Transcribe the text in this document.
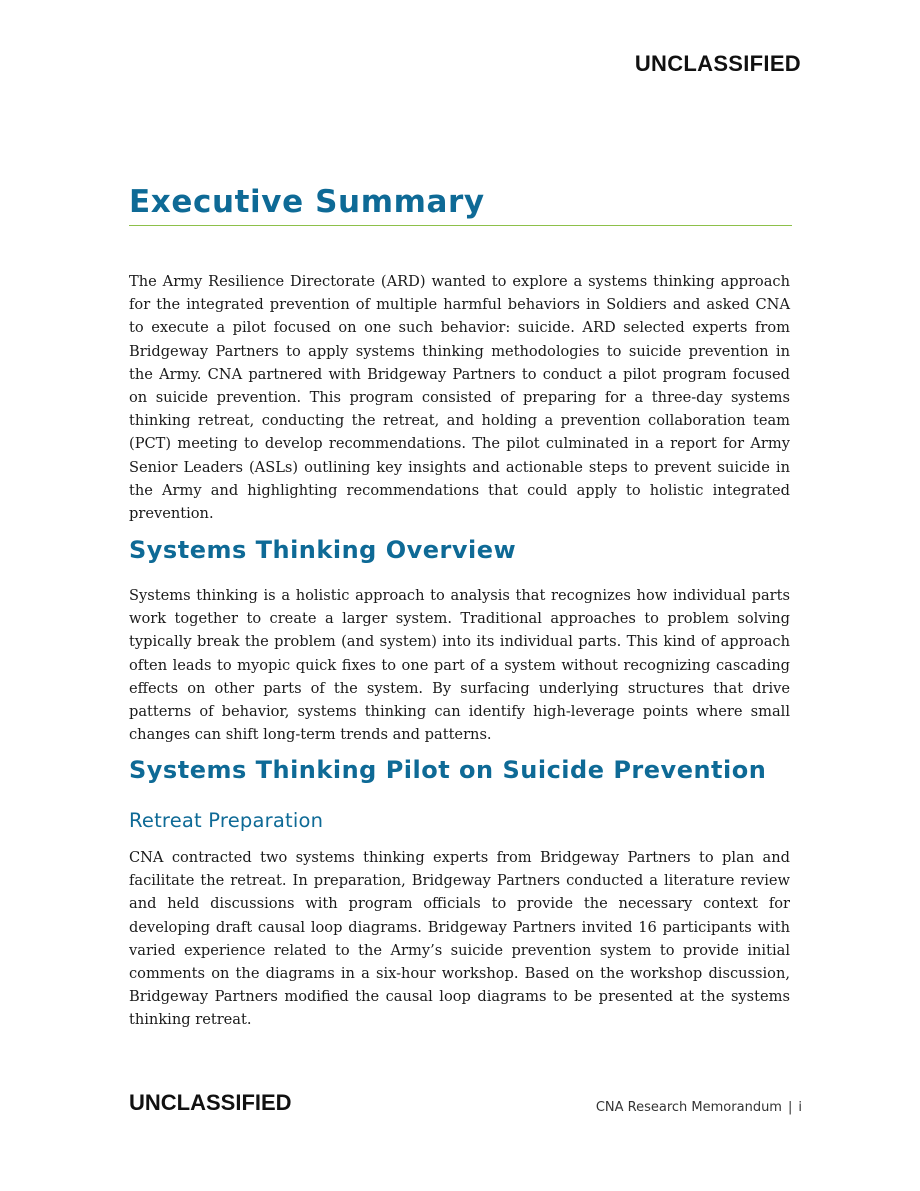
UNCLASSIFIED
Executive Summary

The Army Resilience Directorate (ARD) wanted to explore a systems thinking approach for the integrated prevention of multiple harmful behaviors in Soldiers and asked CNA to execute a pilot focused on one such behavior: suicide. ARD selected experts from Bridgeway Partners to apply systems thinking methodologies to suicide prevention in the Army. CNA partnered with Bridgeway Partners to conduct a pilot program focused on suicide prevention. This program consisted of preparing for a three-day systems thinking retreat, conducting the retreat, and holding a prevention collaboration team (PCT) meeting to develop recommendations. The pilot culminated in a report for Army Senior Leaders (ASLs) outlining key insights and actionable steps to prevent suicide in the Army and highlighting recommendations that could apply to holistic integrated prevention.

Systems Thinking Overview

Systems thinking is a holistic approach to analysis that recognizes how individual parts work together to create a larger system. Traditional approaches to problem solving typically break the problem (and system) into its individual parts. This kind of approach often leads to myopic quick fixes to one part of a system without recognizing cascading effects on other parts of the system. By surfacing underlying structures that drive patterns of behavior, systems thinking can identify high-leverage points where small changes can shift long-term trends and patterns.

Systems Thinking Pilot on Suicide Prevention
Retreat Preparation

CNA contracted two systems thinking experts from Bridgeway Partners to plan and facilitate the retreat. In preparation, Bridgeway Partners conducted a literature review and held discussions with program officials to provide the necessary context for developing draft causal loop diagrams. Bridgeway Partners invited 16 participants with varied experience related to the Army’s suicide prevention system to provide initial comments on the diagrams in a six-hour workshop. Based on the workshop discussion, Bridgeway Partners modified the causal loop diagrams to be presented at the systems thinking retreat.

UNCLASSIFIED	CNA Research Memorandum | i
